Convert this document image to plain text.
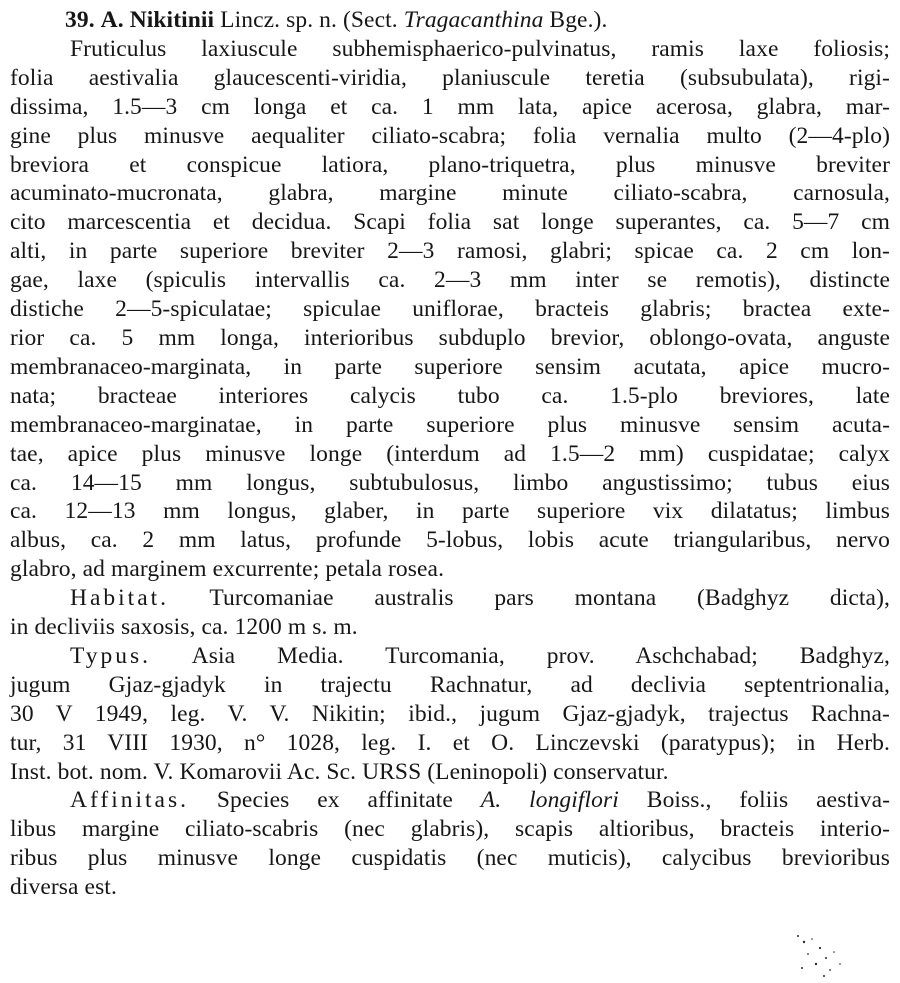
39. A. Nikitinii Lincz. sp. n. (Sect. Tragacanthina Bge.).
Fruticulus laxiuscule subhemisphaerico-pulvinatus, ramis laxe foliosis;
folia aestivalia glaucescenti-viridia, planiuscule teretia (subsubulata), rigi-
dissima, 1.5—3 cm longa et ca. 1 mm lata, apice acerosa, glabra, mar-
gine plus minusve aequaliter ciliato-scabra; folia vernalia multo (2—4-plo)
breviora et conspicue latiora, plano-triquetra, plus minusve breviter
acuminato-mucronata, glabra, margine minute ciliato-scabra, carnosula,
cito marcescentia et decidua. Scapi folia sat longe superantes, ca. 5—7 cm
alti, in parte superiore breviter 2—3 ramosi, glabri; spicae ca. 2 cm lon-
gae, laxe (spiculis intervallis ca. 2—3 mm inter se remotis), distincte
distiche 2—5-spiculatae; spiculae uniflorae, bracteis glabris; bractea exte-
rior ca. 5 mm longa, interioribus subduplo brevior, oblongo-ovata, anguste
membranaceo-marginata, in parte superiore sensim acutata, apice mucro-
nata; bracteae interiores calycis tubo ca. 1.5-plo breviores, late
membranaceo-marginatae, in parte superiore plus minusve sensim acuta-
tae, apice plus minusve longe (interdum ad 1.5—2 mm) cuspidatae; calyx
ca. 14—15 mm longus, subtubulosus, limbo angustissimo; tubus eius
ca. 12—13 mm longus, glaber, in parte superiore vix dilatatus; limbus
albus, ca. 2 mm latus, profunde 5-lobus, lobis acute triangularibus, nervo
glabro, ad marginem excurrente; petala rosea.
Habitat. Turcomaniae australis pars montana (Badghyz dicta),
in decliviis saxosis, ca. 1200 m s. m.
Typus. Asia Media. Turcomania, prov. Aschchabad; Badghyz,
jugum Gjaz-gjadyk in trajectu Rachnatur, ad declivia septentrionalia,
30 V 1949, leg. V. V. Nikitin; ibid., jugum Gjaz-gjadyk, trajectus Rachna-
tur, 31 VIII 1930, n° 1028, leg. I. et O. Linczevski (paratypus); in Herb.
Inst. bot. nom. V. Komarovii Ac. Sc. URSS (Leninopoli) conservatur.
Affinitas. Species ex affinitate A. longiflori Boiss., foliis aestiva-
libus margine ciliato-scabris (nec glabris), scapis altioribus, bracteis interio-
ribus plus minusve longe cuspidatis (nec muticis), calycibus brevioribus
diversa est.
